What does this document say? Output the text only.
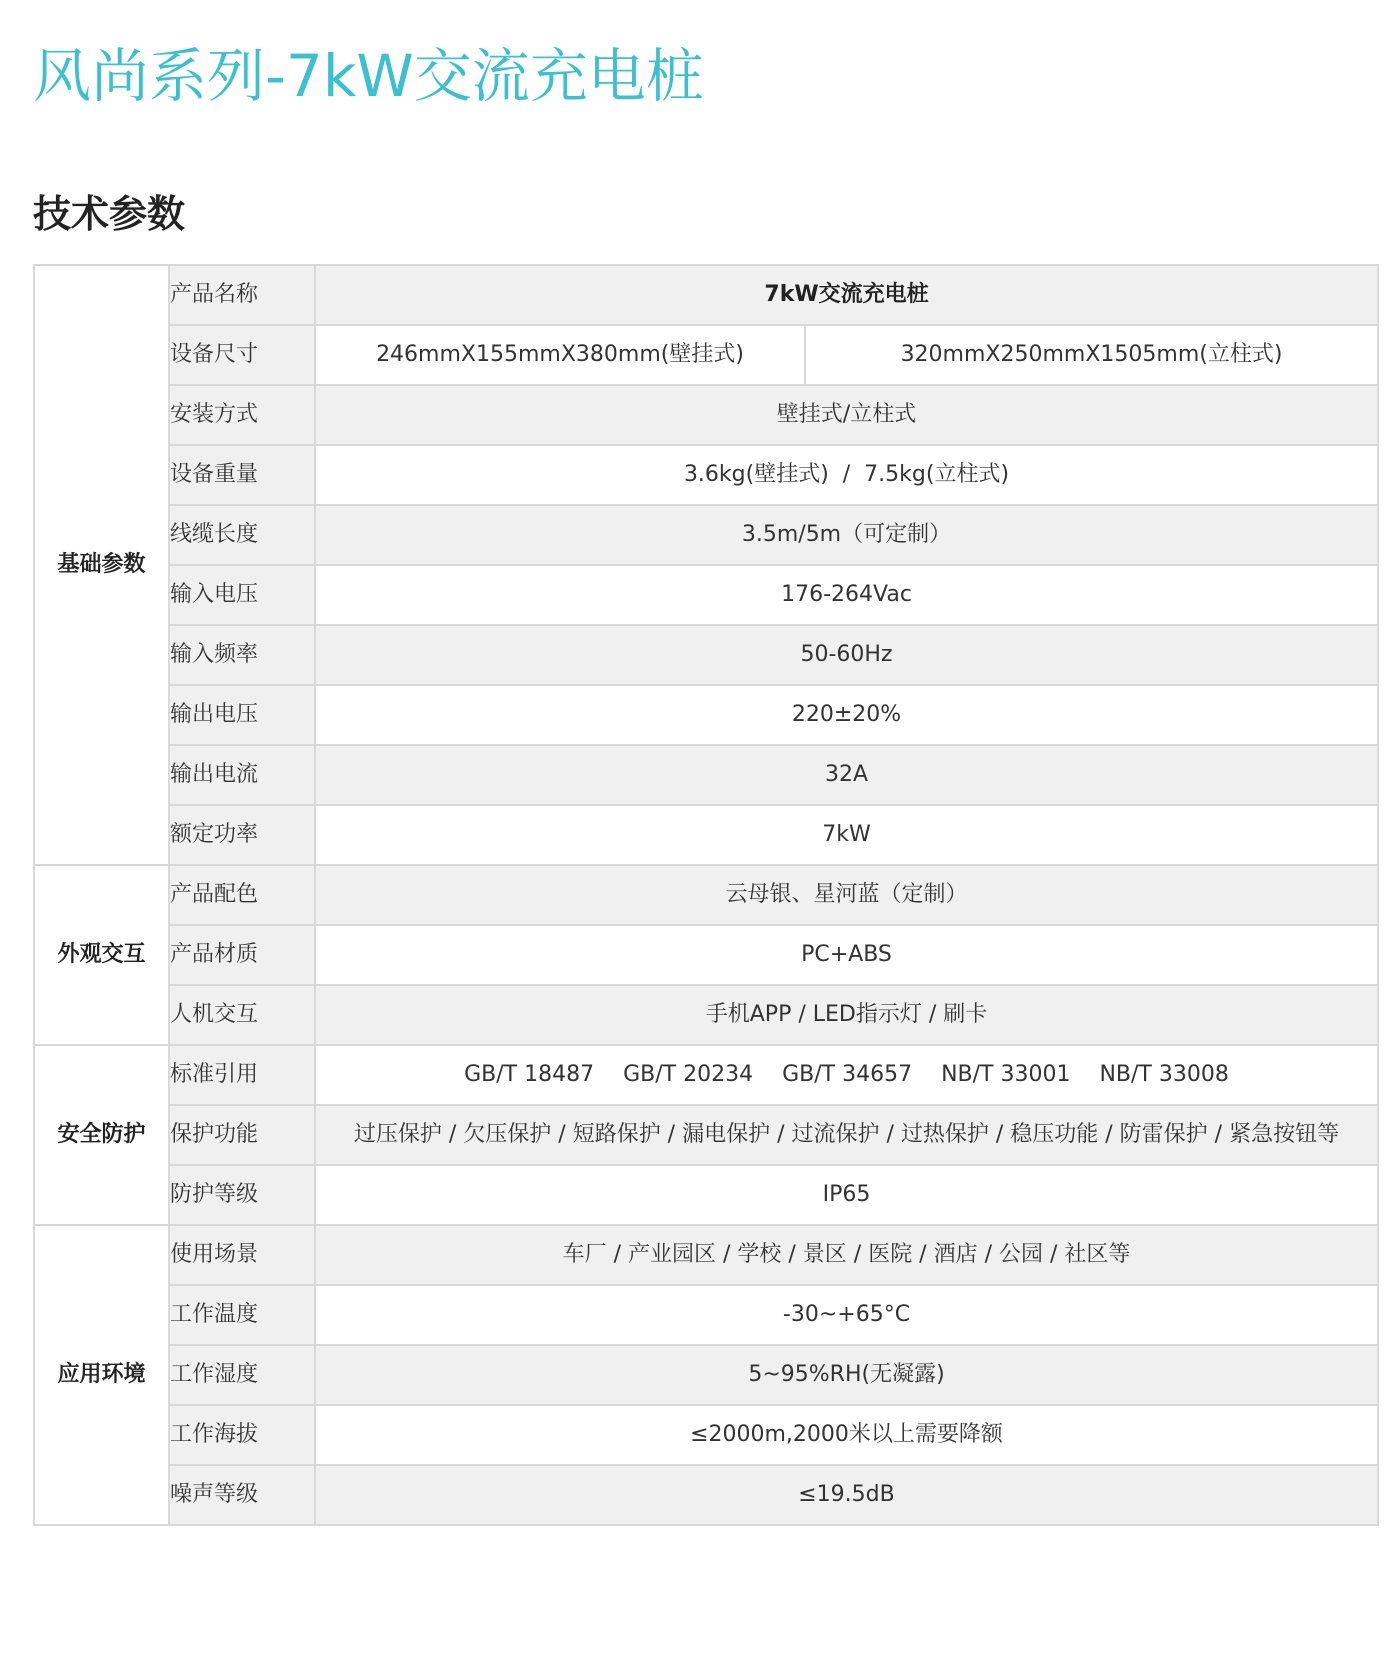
风尚系列-7kW交流充电桩
技术参数
基础参数	产品名称	7kW交流充电桩	
	设备尺寸	246mmX155mmX380mm(壁挂式)	320mmX250mmX1505mm(立柱式)
	安装方式	壁挂式/立柱式	
	设备重量	3.6kg(壁挂式)  /  7.5kg(立柱式)	
	线缆长度	3.5m/5m（可定制）	
	输入电压	176-264Vac	
	输入频率	50-60Hz	
	输出电压	220±20%	
	输出电流	32A	
	额定功率	7kW	
外观交互	产品配色	云母银、星河蓝（定制）	
	产品材质	PC+ABS	
	人机交互	手机APP / LED指示灯 / 刷卡	
安全防护	标准引用	GB/T 18487 GB/T 20234 GB/T 34657 NB/T 33001 NB/T 33008	
	保护功能	过压保护 / 欠压保护 / 短路保护 / 漏电保护 / 过流保护 / 过热保护 / 稳压功能 / 防雷保护 / 紧急按钮等	
	防护等级	IP65	
应用环境	使用场景	车厂 / 产业园区 / 学校 / 景区 / 医院 / 酒店 / 公园 / 社区等	
	工作温度	-30~+65°C	
	工作湿度	5~95%RH(无凝露)	
	工作海拔	≤2000m,2000米以上需要降额	
	噪声等级	≤19.5dB	
